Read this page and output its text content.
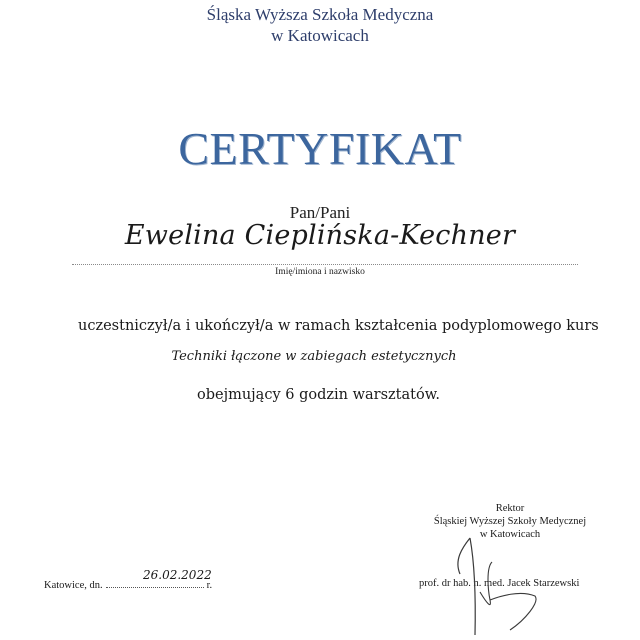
Śląska Wyższa Szkoła Medyczna
w Katowicach
CERTYFIKAT
Pan/Pani
Ewelina Cieplińska-Kechner
Imię/imiona i nazwisko
uczestniczył/a i ukończył/a w ramach kształcenia podyplomowego kurs
Techniki łączone w zabiegach estetycznych
obejmujący 6 godzin warsztatów.
Rektor
Śląskiej Wyższej Szkoły Medycznej
w Katowicach
Katowice, dn.	r.
26.02.2022
prof. dr hab. n. med. Jacek Starzewski
